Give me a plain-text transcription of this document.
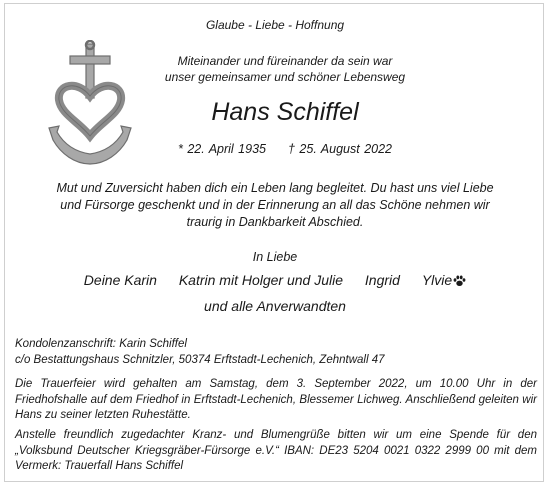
Glaube - Liebe - Hoffnung
Miteinander und füreinander da sein war
unser gemeinsamer und schöner Lebensweg
Hans Schiffel
* 22. April 1935 † 25. August 2022
Mut und Zuversicht haben dich ein Leben lang begleitet. Du hast uns viel Liebe
und Fürsorge geschenkt und in der Erinnerung an all das Schöne nehmen wir
traurig in Dankbarkeit Abschied.
In Liebe
Deine Karin Katrin mit Holger und Julie Ingrid Ylvie
und alle Anverwandten
Kondolenzanschrift: Karin Schiffel
c/o Bestattungshaus Schnitzler, 50374 Erftstadt-Lechenich, Zehntwall 47
Die Trauerfeier wird gehalten am Samstag, dem 3. September 2022, um 10.00 Uhr in der Friedhofshalle auf dem Friedhof in Erftstadt-Lechenich, Blessemer Lichweg. Anschließend geleiten wir Hans zu seiner letzten Ruhestätte.
Anstelle freundlich zugedachter Kranz- und Blumengrüße bitten wir um eine Spende für den „Volksbund Deutscher Kriegsgräber-Fürsorge e.V.“ IBAN: DE23 5204 0021 0322 2999 00 mit dem Vermerk: Trauerfall Hans Schiffel
